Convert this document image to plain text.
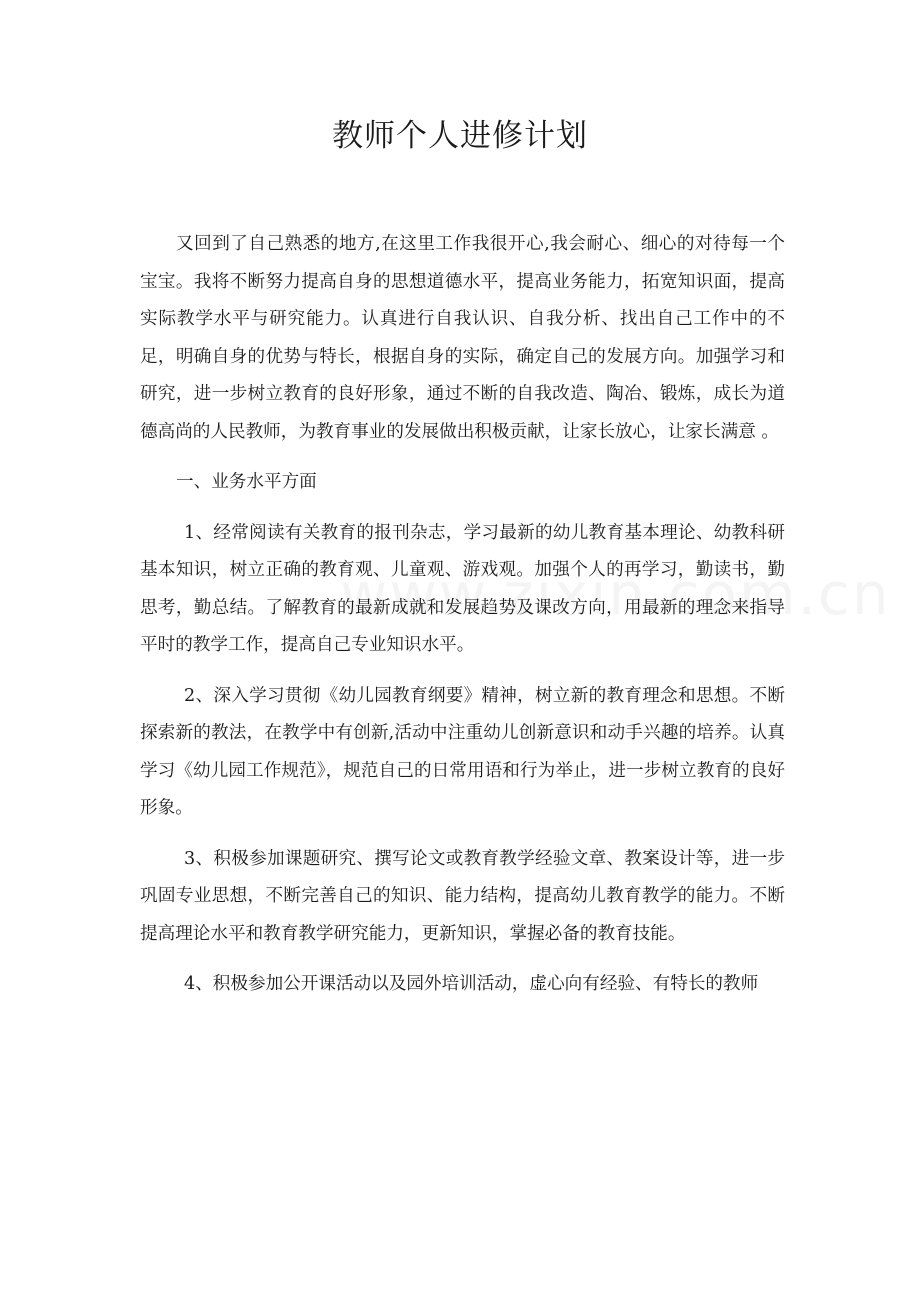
教师个人进修计划

又回到了自己熟悉的地方,在这里工作我很开心,我会耐心、细心的对待每一个宝宝。我将不断努力提高自身的思想道德水平，提高业务能力，拓宽知识面，提高实际教学水平与研究能力。认真进行自我认识、自我分析、找出自己工作中的不足，明确自身的优势与特长，根据自身的实际，确定自己的发展方向。加强学习和研究，进一步树立教育的良好形象，通过不断的自我改造、陶冶、锻炼，成长为道德高尚的人民教师，为教育事业的发展做出积极贡献，让家长放心，让家长满意 。

一、业务水平方面

1、经常阅读有关教育的报刊杂志，学习最新的幼儿教育基本理论、幼教科研基本知识，树立正确的教育观、儿童观、游戏观。加强个人的再学习，勤读书，勤思考，勤总结。了解教育的最新成就和发展趋势及课改方向，用最新的理念来指导平时的教学工作，提高自己专业知识水平。

2、深入学习贯彻《幼儿园教育纲要》精神，树立新的教育理念和思想。不断探索新的教法，在教学中有创新,活动中注重幼儿创新意识和动手兴趣的培养。认真学习《幼儿园工作规范》，规范自己的日常用语和行为举止，进一步树立教育的良好形象。

3、积极参加课题研究、撰写论文或教育教学经验文章、教案设计等，进一步巩固专业思想，不断完善自己的知识、能力结构，提高幼儿教育教学的能力。不断提高理论水平和教育教学研究能力，更新知识，掌握必备的教育技能。

4、积极参加公开课活动以及园外培训活动，虚心向有经验、有特长的教师
